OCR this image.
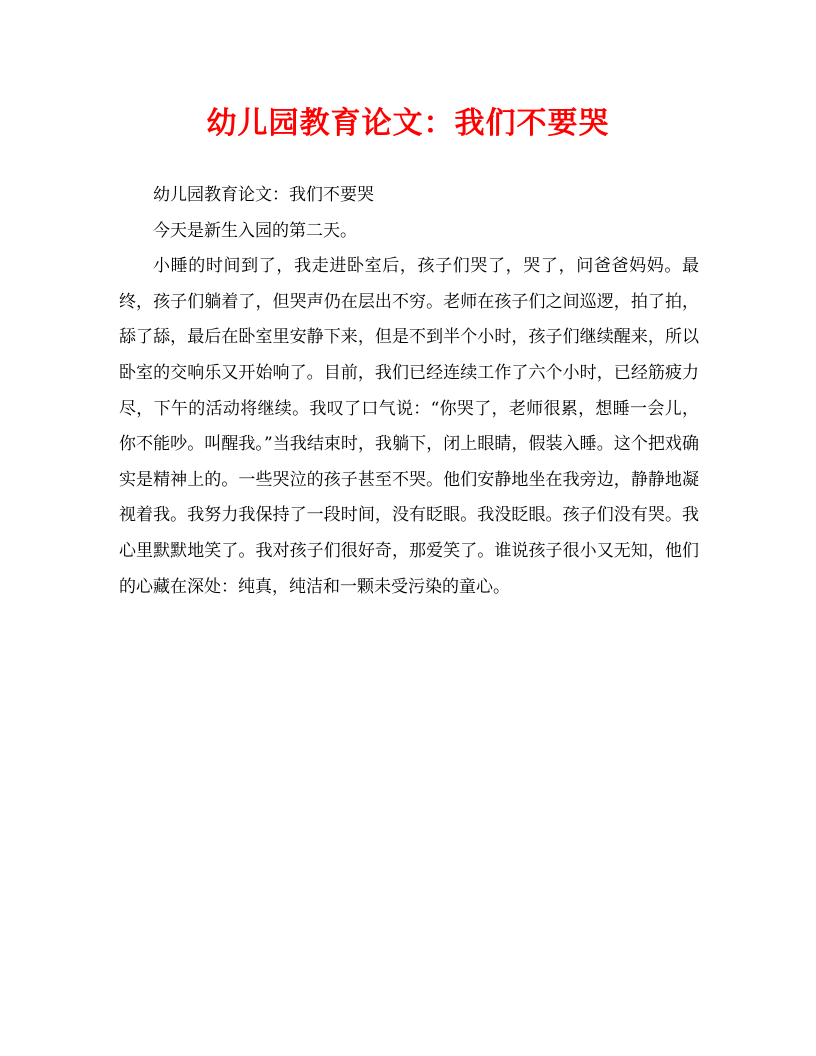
幼儿园教育论文：我们不要哭

幼儿园教育论文：我们不要哭

今天是新生入园的第二天。

小睡的时间到了，我走进卧室后，孩子们哭了，哭了，问爸爸妈妈。最终，孩子们躺着了，但哭声仍在层出不穷。老师在孩子们之间巡逻，拍了拍，舔了舔，最后在卧室里安静下来，但是不到半个小时，孩子们继续醒来，所以卧室的交响乐又开始响了。目前，我们已经连续工作了六个小时，已经筋疲力尽，下午的活动将继续。我叹了口气说：“你哭了，老师很累，想睡一会儿，你不能吵。叫醒我。”当我结束时，我躺下，闭上眼睛，假装入睡。这个把戏确实是精神上的。一些哭泣的孩子甚至不哭。他们安静地坐在我旁边，静静地凝视着我。我努力我保持了一段时间，没有眨眼。我没眨眼。孩子们没有哭。我心里默默地笑了。我对孩子们很好奇，那爱笑了。谁说孩子很小又无知，他们的心藏在深处：纯真，纯洁和一颗未受污染的童心。
